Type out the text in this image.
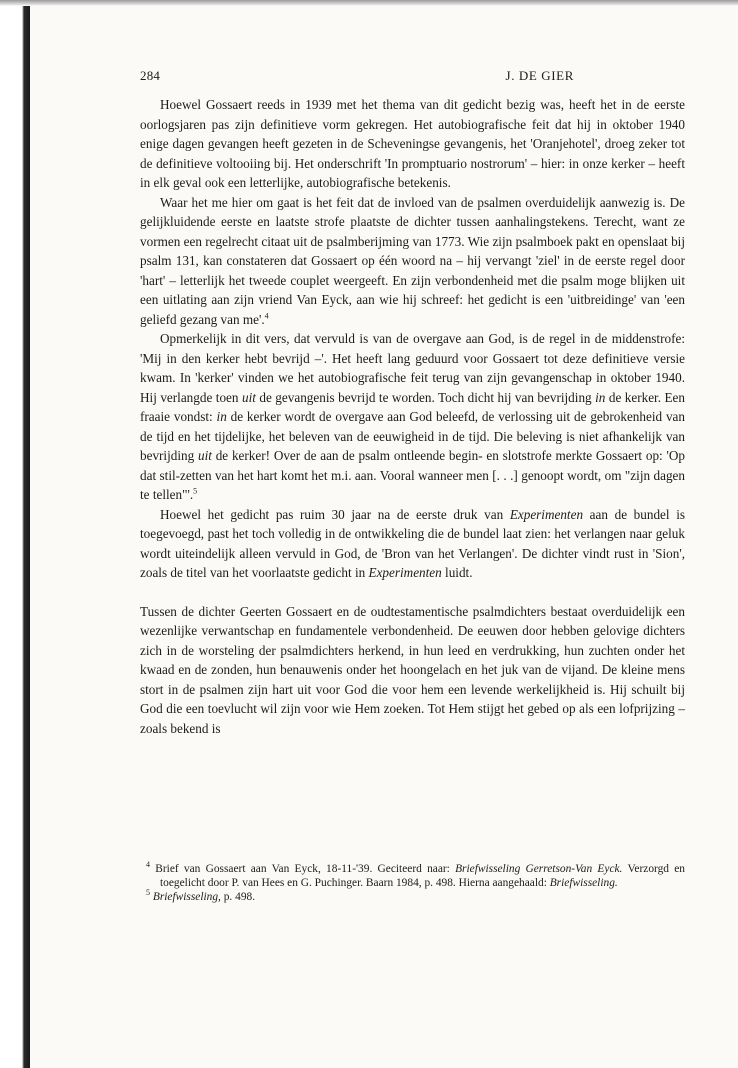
284	J. DE GIER

Hoewel Gossaert reeds in 1939 met het thema van dit gedicht bezig was, heeft het in de eerste oorlogsjaren pas zijn definitieve vorm gekregen. Het autobiografische feit dat hij in oktober 1940 enige dagen gevangen heeft gezeten in de Scheveningse gevangenis, het 'Oranjehotel', droeg zeker tot de definitieve voltooiing bij. Het onderschrift 'In promptuario nostrorum' – hier: in onze kerker – heeft in elk geval ook een letterlijke, autobiografische betekenis.

Waar het me hier om gaat is het feit dat de invloed van de psalmen overduidelijk aanwezig is. De gelijkluidende eerste en laatste strofe plaatste de dichter tussen aanhalingstekens. Terecht, want ze vormen een regelrecht citaat uit de psalmberijming van 1773. Wie zijn psalmboek pakt en openslaat bij psalm 131, kan constateren dat Gossaert op één woord na – hij vervangt 'ziel' in de eerste regel door 'hart' – letterlijk het tweede couplet weergeeft. En zijn verbondenheid met die psalm moge blijken uit een uitlating aan zijn vriend Van Eyck, aan wie hij schreef: het gedicht is een 'uitbreidinge' van 'een geliefd gezang van me'.$^4$

Opmerkelijk in dit vers, dat vervuld is van de overgave aan God, is de regel in de middenstrofe: 'Mij in den kerker hebt bevrijd –'. Het heeft lang geduurd voor Gossaert tot deze definitieve versie kwam. In 'kerker' vinden we het autobiografische feit terug van zijn gevangenschap in oktober 1940. Hij verlangde toen uit de gevangenis bevrijd te worden. Toch dicht hij van bevrijding in de kerker. Een fraaie vondst: in de kerker wordt de overgave aan God beleefd, de verlossing uit de gebrokenheid van de tijd en het tijdelijke, het beleven van de eeuwigheid in de tijd. Die beleving is niet afhankelijk van bevrijding uit de kerker! Over de aan de psalm ontleende begin- en slotstrofe merkte Gossaert op: 'Op dat stil-zetten van het hart komt het m.i. aan. Vooral wanneer men [. . .] genoopt wordt, om "zijn dagen te tellen"'.$^5$

Hoewel het gedicht pas ruim 30 jaar na de eerste druk van Experimenten aan de bundel is toegevoegd, past het toch volledig in de ontwikkeling die de bundel laat zien: het verlangen naar geluk wordt uiteindelijk alleen vervuld in God, de 'Bron van het Verlangen'. De dichter vindt rust in 'Sion', zoals de titel van het voorlaatste gedicht in Experimenten luidt.

Tussen de dichter Geerten Gossaert en de oudtestamentische psalmdichters bestaat overduidelijk een wezenlijke verwantschap en fundamentele verbondenheid. De eeuwen door hebben gelovige dichters zich in de worsteling der psalmdichters herkend, in hun leed en verdrukking, hun zuchten onder het kwaad en de zonden, hun benauwenis onder het hoongelach en het juk van de vijand. De kleine mens stort in de psalmen zijn hart uit voor God die voor hem een levende werkelijkheid is. Hij schuilt bij God die een toevlucht wil zijn voor wie Hem zoeken. Tot Hem stijgt het gebed op als een lofprijzing – zoals bekend is

$^4$ Brief van Gossaert aan Van Eyck, 18-11-'39. Geciteerd naar: Briefwisseling Gerretson-Van Eyck. Verzorgd en toegelicht door P. van Hees en G. Puchinger. Baarn 1984, p. 498. Hierna aangehaald: Briefwisseling.

$^5$ Briefwisseling, p. 498.
